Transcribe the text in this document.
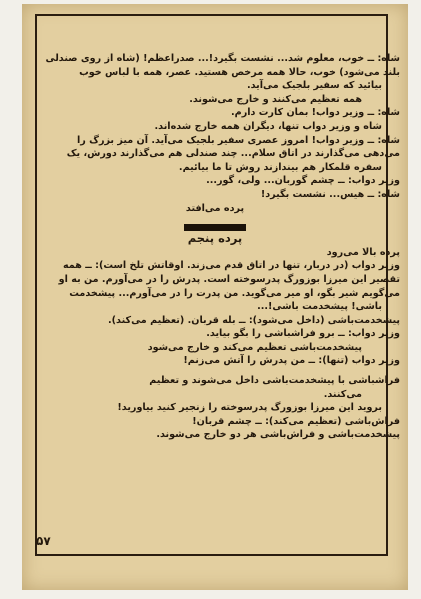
شاه: ــ خوب، معلوم شد... نشست بگیرد!... صدراعظم! (شاه از روی صندلی

بلند می‌شود) خوب، حالا همه مرخص هستید. عصر، همه با لباس خوب

بیائید که سفیر بلجیک می‌آید.

همه تعظیم می‌کنند و خارج می‌شوند.

شاه: ــ وزیر دواب! بمان کارت دارم.

شاه و وزیر دواب تنها، دیگران همه خارج شده‌اند.

شاه: ــ وزیر دواب! امروز عصری سفیر بلجیک می‌آید. آن میز بزرگ را

می‌دهی می‌گذارند در اتاق سلام... چند صندلی هم می‌گذارند دورش، یک

سفره قلمکار هم بیندازند روش تا ما بیائیم.

وزیر دواب: ــ چشم گوربان... ولی، گور...

شاه: ــ هیس... نشست بگیرد!

پرده می‌افتد

پرده پنجم

پرده بالا می‌رود

وزیر دواب (در دربار، تنها در اتاق قدم می‌زند. اوقاتش تلخ است): ــ همه

تقصیر این میرزا بوزورگ پدرسوخته است. پدرش را در می‌آورم. من به او

می‌گویم شیر بگو، او میر می‌گوید. من پدرت را در می‌آورم... پیشخدمت

باشی! پیشخدمت باشی!...

پیشخدمت‌باشی (داخل می‌شود): ــ بله قربان. (تعظیم می‌کند).

وزیر دواب: ــ برو فراشباشی را بگو بیاید.

پیشخدمت‌باشی تعظیم می‌کند و خارج می‌شود

وزیر دواب (تنها): ــ من پدرش را آتش می‌زنم!

فراشباشی با پیشخدمت‌باشی داخل می‌شوند و تعظیم

می‌کنند.

بروید این میرزا بوزورگ پدرسوخته را زنجیر کنید بیاورید!

فراش‌باشی (تعظیم می‌کند): ــ چشم قربان!

پیشخدمت‌باشی و فراش‌باشی هر دو خارج می‌شوند.

۵۷
